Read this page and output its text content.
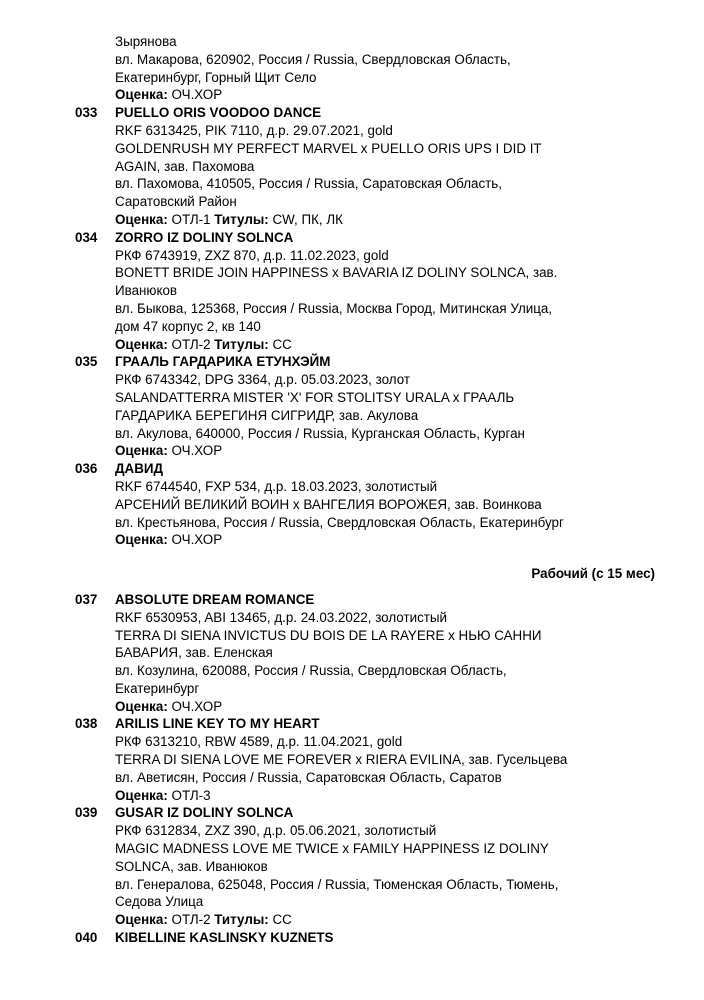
Зырянова
вл. Макарова, 620902, Россия / Russia, Свердловская Область,
Екатеринбург, Горный Щит Село
Оценка: ОЧ.ХОР
033 PUELLO ORIS VOODOO DANCE
RKF 6313425, PIK 7110, д.р. 29.07.2021, gold
GOLDENRUSH MY PERFECT MARVEL x PUELLO ORIS UPS I DID IT
AGAIN, зав. Пахомова
вл. Пахомова, 410505, Россия / Russia, Саратовская Область,
Саратовский Район
Оценка: ОТЛ-1 Титулы: CW, ПК, ЛК
034 ZORRO IZ DOLINY SOLNCA
РКФ 6743919, ZXZ 870, д.р. 11.02.2023, gold
BONETT BRIDE JOIN HAPPINESS x BAVARIA IZ DOLINY SOLNCA, зав.
Иванюков
вл. Быкова, 125368, Россия / Russia, Москва Город, Митинская Улица,
дом 47 корпус 2, кв 140
Оценка: ОТЛ-2 Титулы: СС
035 ГРААЛЬ ГАРДАРИКА ЕТУНХЭЙМ
РКФ 6743342, DPG 3364, д.р. 05.03.2023, золот
SALANDATTERRA MISTER 'X' FOR STOLITSY URALA x ГРААЛЬ
ГАРДАРИКА БЕРЕГИНЯ СИГРИДР, зав. Акулова
вл. Акулова, 640000, Россия / Russia, Курганская Область, Курган
Оценка: ОЧ.ХОР
036 ДАВИД
RKF 6744540, FXP 534, д.р. 18.03.2023, золотистый
АРСЕНИЙ ВЕЛИКИЙ ВОИН x ВАНГЕЛИЯ ВОРОЖЕЯ, зав. Воинкова
вл. Крестьянова, Россия / Russia, Свердловская Область, Екатеринбург
Оценка: ОЧ.ХОР
Рабочий (с 15 мес)
037 ABSOLUTE DREAM ROMANCE
RKF 6530953, ABI 13465, д.р. 24.03.2022, золотистый
TERRA DI SIENA INVICTUS DU BOIS DE LA RAYERE x НЬЮ САННИ
БАВАРИЯ, зав. Еленская
вл. Козулина, 620088, Россия / Russia, Свердловская Область,
Екатеринбург
Оценка: ОЧ.ХОР
038 ARILIS LINE KEY TO MY HEART
РКФ 6313210, RBW 4589, д.р. 11.04.2021, gold
TERRA DI SIENA LOVE ME FOREVER x RIERA EVILINA, зав. Гусельцева
вл. Аветисян, Россия / Russia, Саратовская Область, Саратов
Оценка: ОТЛ-3
039 GUSAR IZ DOLINY SOLNCA
РКФ 6312834, ZXZ 390, д.р. 05.06.2021, золотистый
MAGIC MADNESS LOVE ME TWICE x FAMILY HAPPINESS IZ DOLINY
SOLNCA, зав. Иванюков
вл. Генералова, 625048, Россия / Russia, Тюменская Область, Тюмень,
Седова Улица
Оценка: ОТЛ-2 Титулы: СС
040 KIBELLINE KASLINSKY KUZNETS
